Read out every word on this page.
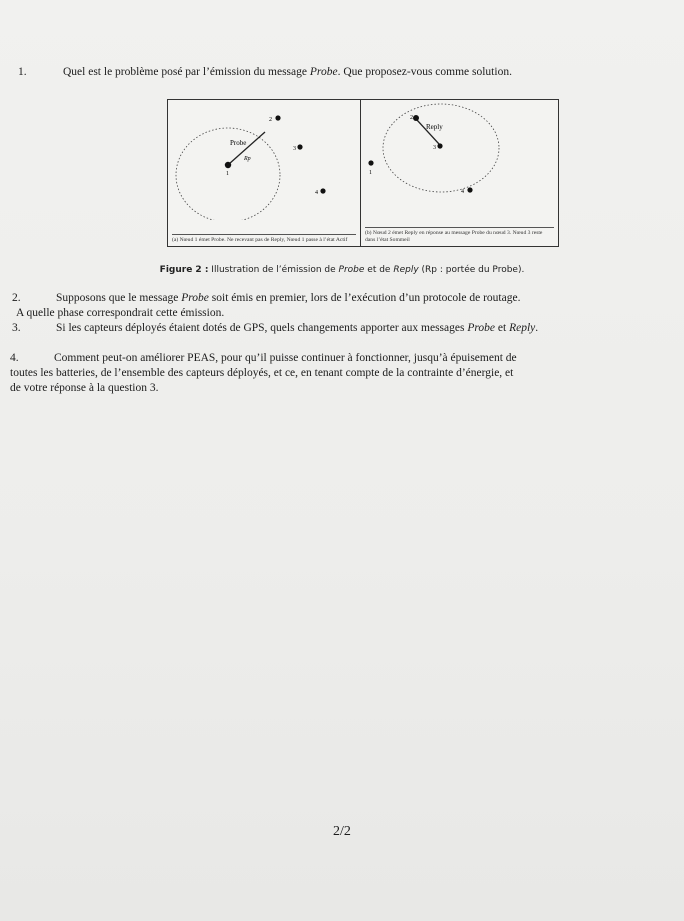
1.	Quel est le problème posé par l’émission du message Probe. Que proposez-vous comme solution.
1
2
3
4
Probe
Rp
(a) Nœud 1 émet Probe. Ne recevant pas de Reply, Nœud 1 passe à l’état Actif
2
3
1
4
Reply
(b) Nœud 2 émet Reply en réponse au message Probe du nœud 3. Nœud 3 reste dans l’état Sommeil
Figure 2 : Illustration de l’émission de Probe et de Reply (Rp : portée du Probe).
2.	Supposons que le message Probe soit émis en premier, lors de l’exécution d’un protocole de routage.
A quelle phase correspondrait cette émission.
3.	Si les capteurs déployés étaient dotés de GPS, quels changements apporter aux messages Probe et Reply.
4.	Comment peut-on améliorer PEAS, pour qu’il puisse continuer à fonctionner, jusqu’à épuisement de
toutes les batteries, de l’ensemble des capteurs déployés, et ce, en tenant compte de la contrainte d’énergie, et
de votre réponse à la question 3.
2/2
